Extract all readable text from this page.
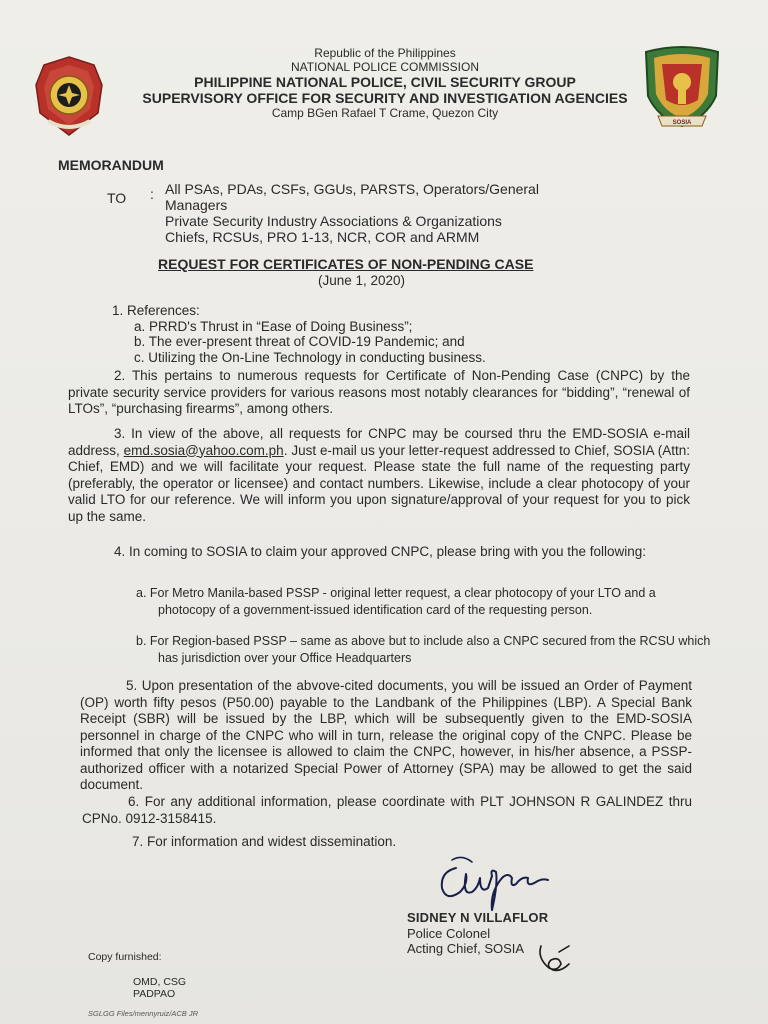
Republic of the Philippines
NATIONAL POLICE COMMISSION
PHILIPPINE NATIONAL POLICE, CIVIL SECURITY GROUP
SUPERVISORY OFFICE FOR SECURITY AND INVESTIGATION AGENCIES
Camp BGen Rafael T Crame, Quezon City
SOSIA
MEMORANDUM
TO : All PSAs, PDAs, CSFs, GGUs, PARSTS, Operators/General
Managers
Private Security Industry Associations & Organizations
Chiefs, RCSUs, PRO 1-13, NCR, COR and ARMM
REQUEST FOR CERTIFICATES OF NON-PENDING CASE
(June 1, 2020)
1. References:
a. PRRD's Thrust in “Ease of Doing Business”;
b. The ever-present threat of COVID-19 Pandemic; and
c. Utilizing the On-Line Technology in conducting business.
2. This pertains to numerous requests for Certificate of Non-Pending Case (CNPC) by the private security service providers for various reasons most notably clearances for “bidding”, “renewal of LTOs”, “purchasing firearms”, among others.
3. In view of the above, all requests for CNPC may be coursed thru the EMD-SOSIA e-mail address, emd.sosia@yahoo.com.ph. Just e-mail us your letter-request addressed to Chief, SOSIA (Attn: Chief, EMD) and we will facilitate your request. Please state the full name of the requesting party (preferably, the operator or licensee) and contact numbers. Likewise, include a clear photocopy of your valid LTO for our reference. We will inform you upon signature/approval of your request for you to pick up the same.
4. In coming to SOSIA to claim your approved CNPC, please bring with you the following:
a. For Metro Manila-based PSSP - original letter request, a clear photocopy of your LTO and a photocopy of a government-issued identification card of the requesting person.
b. For Region-based PSSP – same as above but to include also a CNPC secured from the RCSU which has jurisdiction over your Office Headquarters
5. Upon presentation of the abvove-cited documents, you will be issued an Order of Payment (OP) worth fifty pesos (P50.00) payable to the Landbank of the Philippines (LBP). A Special Bank Receipt (SBR) will be issued by the LBP, which will be subsequently given to the EMD-SOSIA personnel in charge of the CNPC who will in turn, release the original copy of the CNPC. Please be informed that only the licensee is allowed to claim the CNPC, however, in his/her absence, a PSSP-authorized officer with a notarized Special Power of Attorney (SPA) may be allowed to get the said document.
6. For any additional information, please coordinate with PLT JOHNSON R GALINDEZ thru CPNo. 0912-3158415.
7. For information and widest dissemination.
SIDNEY N VILLAFLOR
Police Colonel
Acting Chief, SOSIA
Copy furnished:
OMD, CSG
PADPAO
SGLGG Files/mennyruiz/ACB JR
